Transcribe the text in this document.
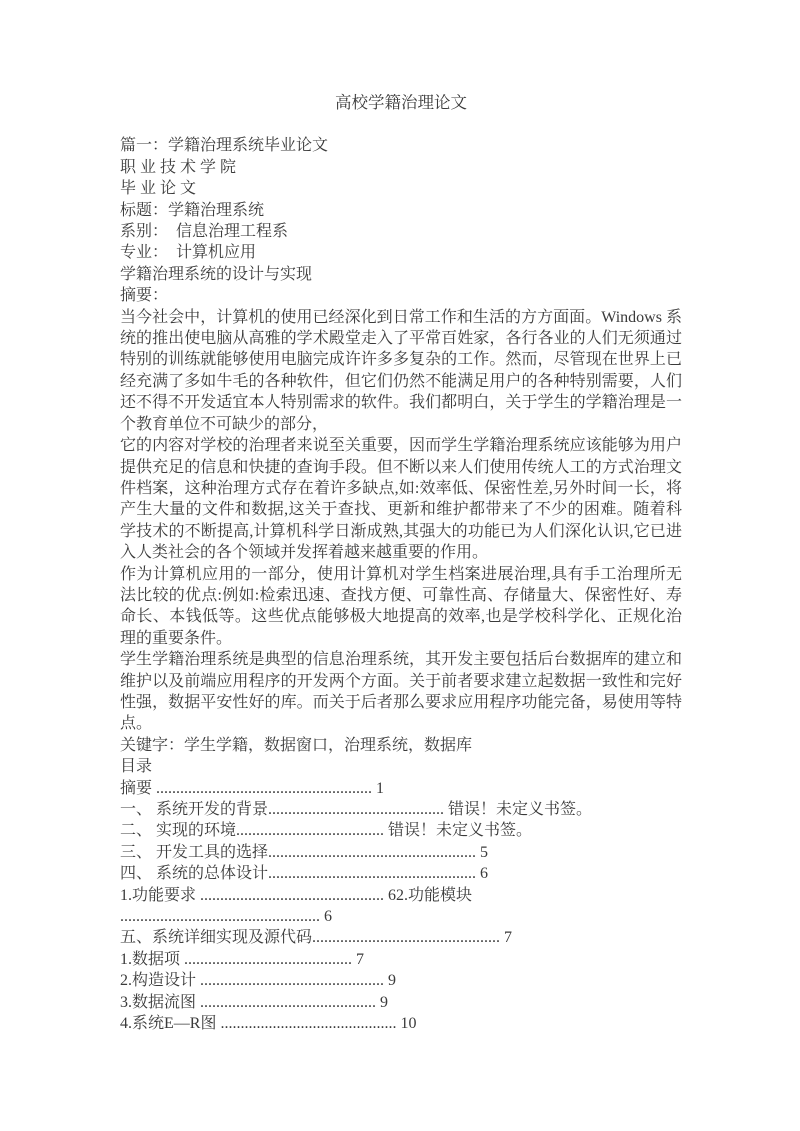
高校学籍治理论文
篇一：学籍治理系统毕业论文
职 业 技 术 学 院
毕 业 论 文
标题：学籍治理系统
系别：  信息治理工程系
专业：  计算机应用
学籍治理系统的设计与实现
摘要：
当今社会中，计算机的使用已经深化到日常工作和生活的方方面面。Windows 系统的推出使电脑从高雅的学术殿堂走入了平常百姓家，各行各业的人们无须通过特别的训练就能够使用电脑完成许许多多复杂的工作。然而，尽管现在世界上已经充满了多如牛毛的各种软件，但它们仍然不能满足用户的各种特别需要，人们还不得不开发适宜本人特别需求的软件。我们都明白，关于学生的学籍治理是一个教育单位不可缺少的部分，
它的内容对学校的治理者来说至关重要，因而学生学籍治理系统应该能够为用户提供充足的信息和快捷的查询手段。但不断以来人们使用传统人工的方式治理文件档案，这种治理方式存在着许多缺点,如:效率低、保密性差,另外时间一长，将产生大量的文件和数据,这关于查找、更新和维护都带来了不少的困难。随着科学技术的不断提高,计算机科学日渐成熟,其强大的功能已为人们深化认识,它已进入人类社会的各个领域并发挥着越来越重要的作用。
作为计算机应用的一部分，使用计算机对学生档案进展治理,具有手工治理所无法比较的优点:例如:检索迅速、查找方便、可靠性高、存储量大、保密性好、寿命长、本钱低等。这些优点能够极大地提高的效率,也是学校科学化、正规化治理的重要条件。
学生学籍治理系统是典型的信息治理系统，其开发主要包括后台数据库的建立和维护以及前端应用程序的开发两个方面。关于前者要求建立起数据一致性和完好性强，数据平安性好的库。而关于后者那么要求应用程序功能完备，易使用等特点。
关键字：学生学籍，数据窗口，治理系统，数据库
目录
摘要 ...................................................... 1
一、 系统开发的背景............................................ 错误！未定义书签。
二、 实现的环境..................................... 错误！未定义书签。
三、 开发工具的选择.................................................... 5
四、 系统的总体设计.................................................... 6
1.功能要求 .............................................. 62.功能模块
.................................................. 6
五、系统详细实现及源代码............................................... 7
1.数据项 .......................................... 7
2.构造设计 .............................................. 9
3.数据流图 ............................................ 9
4.系统E—R图 ............................................ 10
